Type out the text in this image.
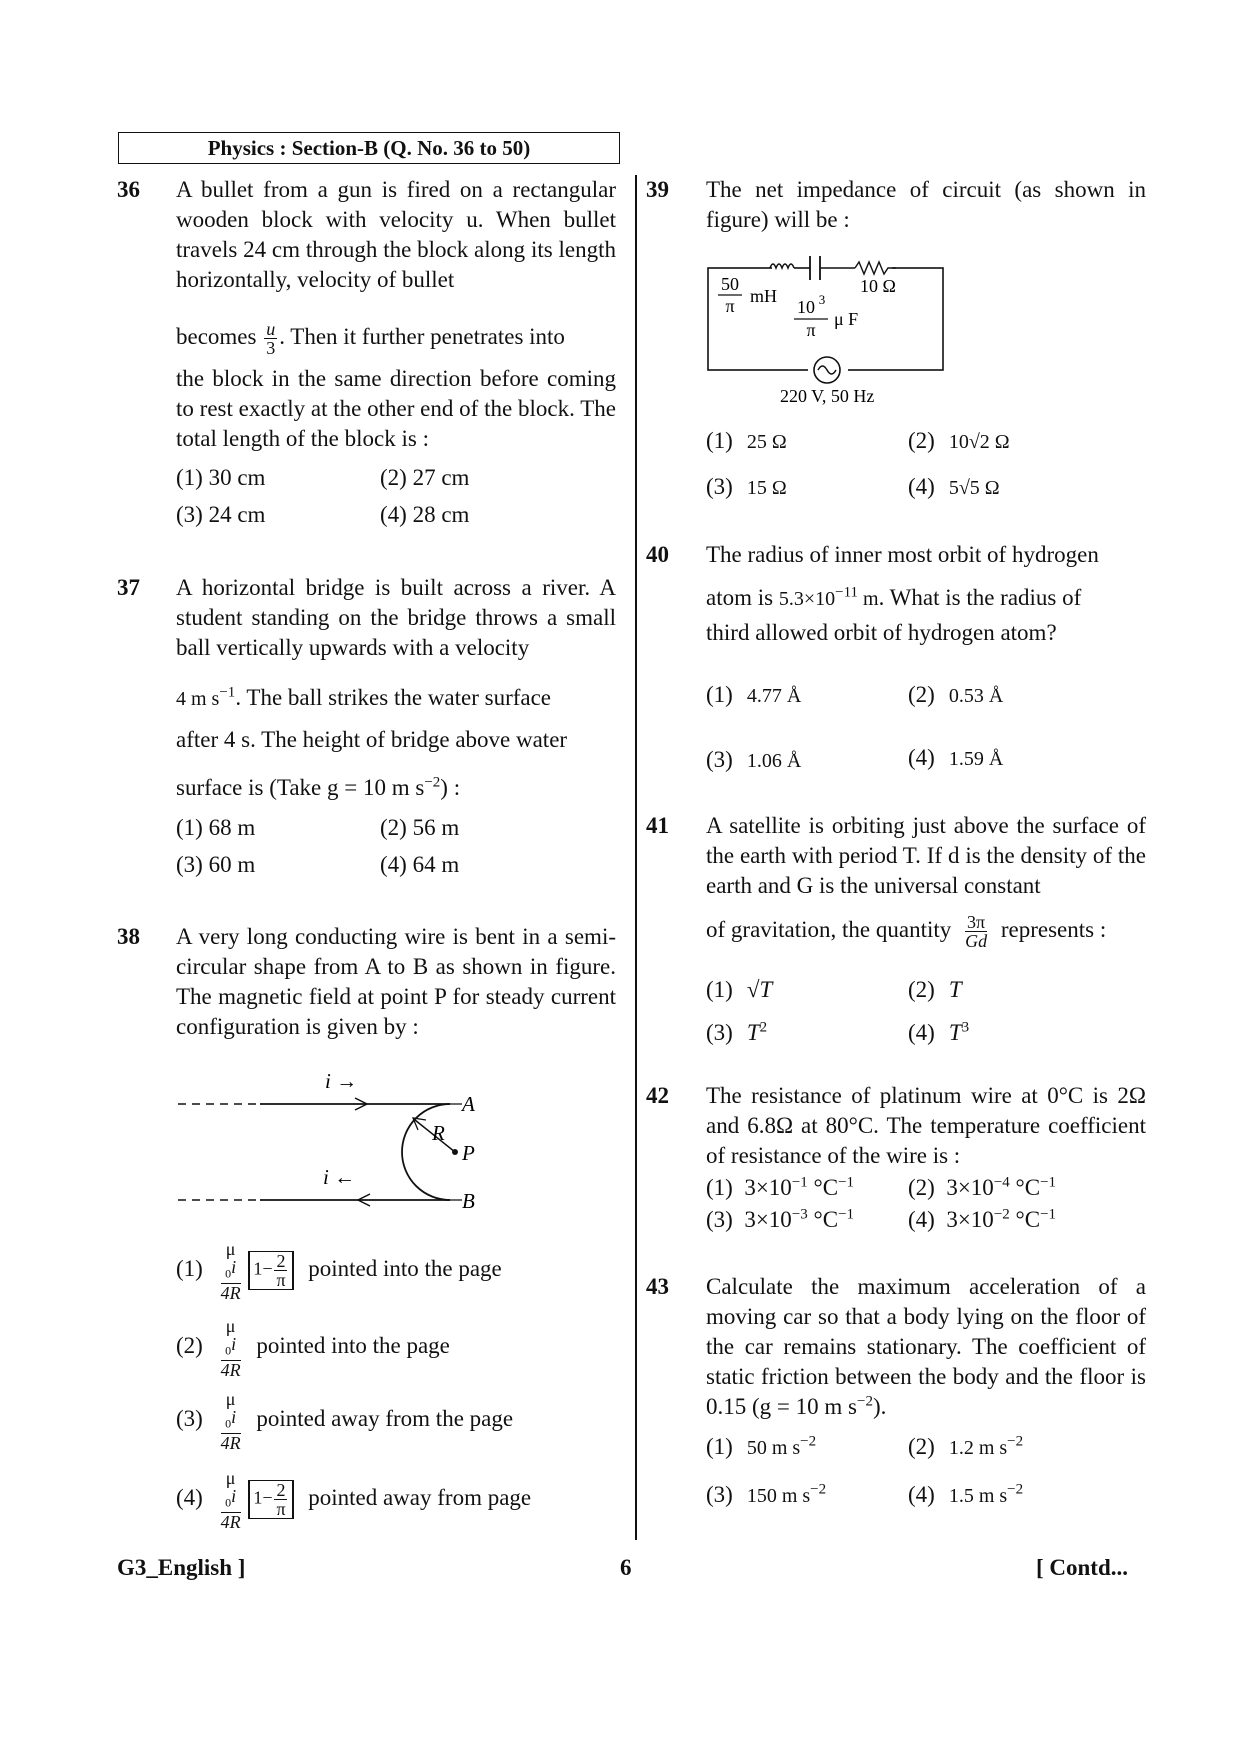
Physics : Section-B (Q. No. 36 to 50)
36	A bullet from a gun is fired on a rectangular wooden block with velocity u. When bullet travels 24 cm through the block along its length horizontally, velocity of bullet
becomes $\frac{u}{3}$ . Then it further penetrates into
the block in the same direction before coming to rest exactly at the other end of the block. The total length of the block is :
(1) 30 cm	(2) 27 cm
(3) 24 cm	(4) 28 cm
37	A horizontal bridge is built across a river. A student standing on the bridge throws a small ball vertically upwards with a velocity
4 m $s^{-1}$. The ball strikes the water surface
after 4 s. The height of bridge above water
surface is (Take g = 10 m $s^{-2}$) :
(1) 68 m	(2) 56 m
(3) 60 m	(4) 64 m
38	A very long conducting wire is bent in a semi-circular shape from A to B as shown in figure. The magnetic field at point P for steady current configuration is given by :
i →
i ←
A
B
R
P
(1) μ
$_0$i
4R $1- \frac{2}{\pi}$ pointed into the page
(2) μ
$_0$i
4R pointed into the page
(3) μ
$_0$i
4R pointed away from the page
(4) μ
$_0$i
4R $1- \frac{2}{\pi}$ pointed away from page
39	The net impedance of circuit (as shown in figure) will be :
50
π mH
10 3
π
μ F
10 Ω
220 V, 50 Hz
(1) 25 Ω	(2) 10√2 Ω
(3) 15 Ω	(4) 5√5 Ω
40	The radius of inner most orbit of hydrogen
atom is $5.3\times 10^{-11}$ m. What is the radius of
third allowed orbit of hydrogen atom?
(1) 4.77 Å	(2) 0.53 Å
(3) 1.06 Å	(4) 1.59 Å
41	A satellite is orbiting just above the surface of the earth with period T. If d is the density of the earth and G is the universal constant
of gravitation, the quantity $\frac{3\pi}{Gd}$ represents :
(1) √T	(2) T
(3) $T^2$	(4) $T^3$
42	The resistance of platinum wire at 0°C is 2Ω and 6.8Ω at 80°C. The temperature coefficient of resistance of the wire is :
(1) $3\times 10^{-1}$ $^\circ C^{-1}$ (2) $3\times 10^{-4}$ $^\circ C^{-1}$
(3) $3\times 10^{-3}$ $^\circ C^{-1}$ (4) $3\times 10^{-2}$ $^\circ C^{-1}$
43	Calculate the maximum acceleration of a moving car so that a body lying on the floor of the car remains stationary. The coefficient of static friction between the body and the floor is 0.15 (g = 10 m $s^{-2}$).
(1) 50 m $s^{-2}$	(2) 1.2 m $s^{-2}$
(3) 150 m $s^{-2}$	(4) 1.5 m $s^{-2}$
G3_English ]	6	[ Contd...
